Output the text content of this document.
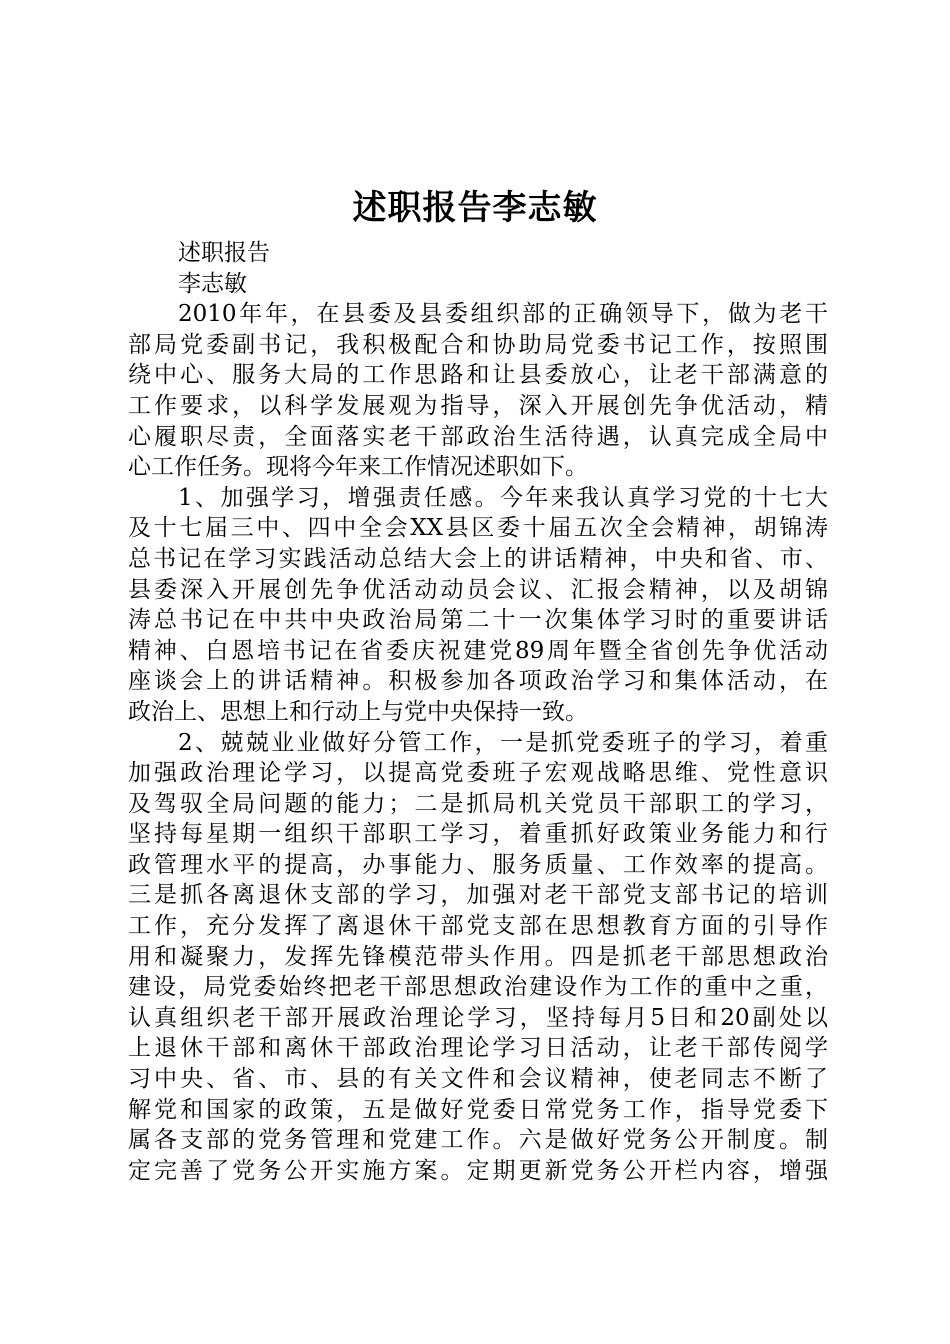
述职报告李志敏
述职报告
李志敏
2010年年，在县委及县委组织部的正确领导下，做为老干
部局党委副书记，我积极配合和协助局党委书记工作，按照围
绕中心、服务大局的工作思路和让县委放心，让老干部满意的
工作要求，以科学发展观为指导，深入开展创先争优活动，精
心履职尽责，全面落实老干部政治生活待遇，认真完成全局中
心工作任务。现将今年来工作情况述职如下。
1、加强学习，增强责任感。今年来我认真学习党的十七大
及十七届三中、四中全会XX县区委十届五次全会精神，胡锦涛
总书记在学习实践活动总结大会上的讲话精神，中央和省、市、
县委深入开展创先争优活动动员会议、汇报会精神，以及胡锦
涛总书记在中共中央政治局第二十一次集体学习时的重要讲话
精神、白恩培书记在省委庆祝建党89周年暨全省创先争优活动
座谈会上的讲话精神。积极参加各项政治学习和集体活动，在
政治上、思想上和行动上与党中央保持一致。
2、兢兢业业做好分管工作，一是抓党委班子的学习，着重
加强政治理论学习，以提高党委班子宏观战略思维、党性意识
及驾驭全局问题的能力；二是抓局机关党员干部职工的学习，
坚持每星期一组织干部职工学习，着重抓好政策业务能力和行
政管理水平的提高，办事能力、服务质量、工作效率的提高。
三是抓各离退休支部的学习，加强对老干部党支部书记的培训
工作，充分发挥了离退休干部党支部在思想教育方面的引导作
用和凝聚力，发挥先锋模范带头作用。四是抓老干部思想政治
建设，局党委始终把老干部思想政治建设作为工作的重中之重，
认真组织老干部开展政治理论学习，坚持每月5日和20副处以
上退休干部和离休干部政治理论学习日活动，让老干部传阅学
习中央、省、市、县的有关文件和会议精神，使老同志不断了
解党和国家的政策，五是做好党委日常党务工作，指导党委下
属各支部的党务管理和党建工作。六是做好党务公开制度。制
定完善了党务公开实施方案。定期更新党务公开栏内容，增强
